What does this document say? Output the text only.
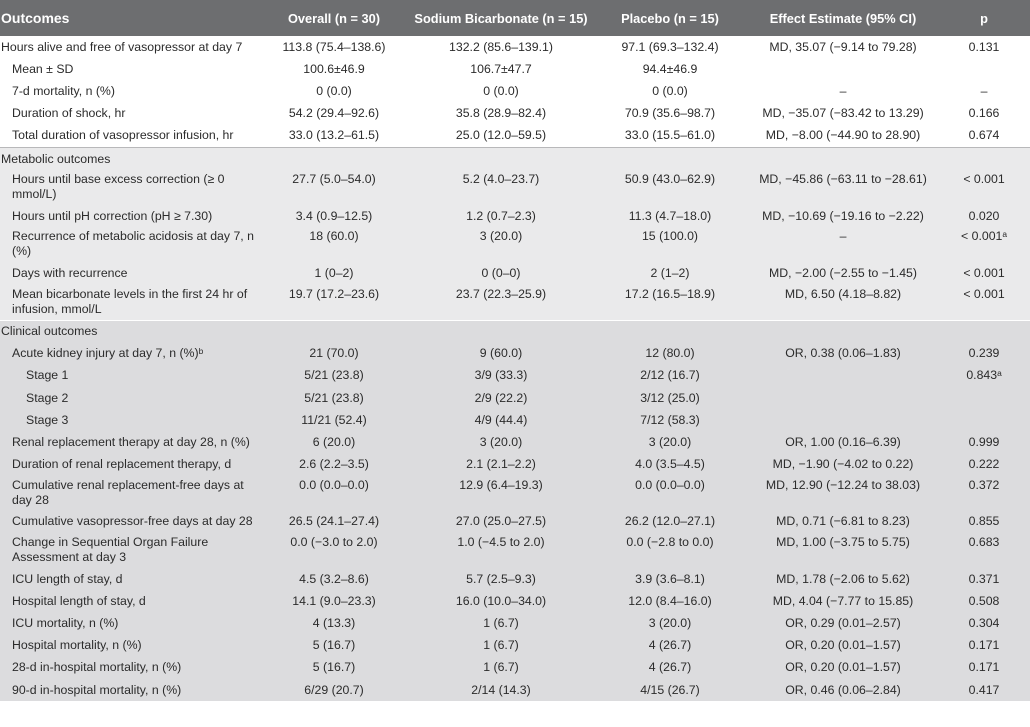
Outcomes	Overall (n = 30)	Sodium Bicarbonate (n = 15)	Placebo (n = 15)	Effect Estimate (95% CI)	p
Hours alive and free of vasopressor at day 7	113.8 (75.4–138.6)	132.2 (85.6–139.1)	97.1 (69.3–132.4)	MD, 35.07 (−9.14 to 79.28)	0.131
Mean ± SD	100.6±46.9	106.7±47.7	94.4±46.9		
7-d mortality, n (%)	0 (0.0)	0 (0.0)	0 (0.0)	–	–
Duration of shock, hr	54.2 (29.4–92.6)	35.8 (28.9–82.4)	70.9 (35.6–98.7)	MD, −35.07 (−83.42 to 13.29)	0.166
Total duration of vasopressor infusion, hr	33.0 (13.2–61.5)	25.0 (12.0–59.5)	33.0 (15.5–61.0)	MD, −8.00 (−44.90 to 28.90)	0.674
Metabolic outcomes					
Hours until base excess correction (≥ 0 mmol/L)	27.7 (5.0–54.0)	5.2 (4.0–23.7)	50.9 (43.0–62.9)	MD, −45.86 (−63.11 to −28.61)	< 0.001
Hours until pH correction (pH ≥ 7.30)	3.4 (0.9–12.5)	1.2 (0.7–2.3)	11.3 (4.7–18.0)	MD, −10.69 (−19.16 to −2.22)	0.020
Recurrence of metabolic acidosis at day 7, n (%)	18 (60.0)	3 (20.0)	15 (100.0)	–	< 0.001ᵃ
Days with recurrence	1 (0–2)	0 (0–0)	2 (1–2)	MD, −2.00 (−2.55 to −1.45)	< 0.001
Mean bicarbonate levels in the first 24 hr of infusion, mmol/L	19.7 (17.2–23.6)	23.7 (22.3–25.9)	17.2 (16.5–18.9)	MD, 6.50 (4.18–8.82)	< 0.001
Clinical outcomes					
Acute kidney injury at day 7, n (%)ᵇ	21 (70.0)	9 (60.0)	12 (80.0)	OR, 0.38 (0.06–1.83)	0.239
Stage 1	5/21 (23.8)	3/9 (33.3)	2/12 (16.7)		0.843ᵃ
Stage 2	5/21 (23.8)	2/9 (22.2)	3/12 (25.0)		
Stage 3	11/21 (52.4)	4/9 (44.4)	7/12 (58.3)		
Renal replacement therapy at day 28, n (%)	6 (20.0)	3 (20.0)	3 (20.0)	OR, 1.00 (0.16–6.39)	0.999
Duration of renal replacement therapy, d	2.6 (2.2–3.5)	2.1 (2.1–2.2)	4.0 (3.5–4.5)	MD, −1.90 (−4.02 to 0.22)	0.222
Cumulative renal replacement-free days at day 28	0.0 (0.0–0.0)	12.9 (6.4–19.3)	0.0 (0.0–0.0)	MD, 12.90 (−12.24 to 38.03)	0.372
Cumulative vasopressor-free days at day 28	26.5 (24.1–27.4)	27.0 (25.0–27.5)	26.2 (12.0–27.1)	MD, 0.71 (−6.81 to 8.23)	0.855
Change in Sequential Organ Failure Assessment at day 3	0.0 (−3.0 to 2.0)	1.0 (−4.5 to 2.0)	0.0 (−2.8 to 0.0)	MD, 1.00 (−3.75 to 5.75)	0.683
ICU length of stay, d	4.5 (3.2–8.6)	5.7 (2.5–9.3)	3.9 (3.6–8.1)	MD, 1.78 (−2.06 to 5.62)	0.371
Hospital length of stay, d	14.1 (9.0–23.3)	16.0 (10.0–34.0)	12.0 (8.4–16.0)	MD, 4.04 (−7.77 to 15.85)	0.508
ICU mortality, n (%)	4 (13.3)	1 (6.7)	3 (20.0)	OR, 0.29 (0.01–2.57)	0.304
Hospital mortality, n (%)	5 (16.7)	1 (6.7)	4 (26.7)	OR, 0.20 (0.01–1.57)	0.171
28-d in-hospital mortality, n (%)	5 (16.7)	1 (6.7)	4 (26.7)	OR, 0.20 (0.01–1.57)	0.171
90-d in-hospital mortality, n (%)	6/29 (20.7)	2/14 (14.3)	4/15 (26.7)	OR, 0.46 (0.06–2.84)	0.417
